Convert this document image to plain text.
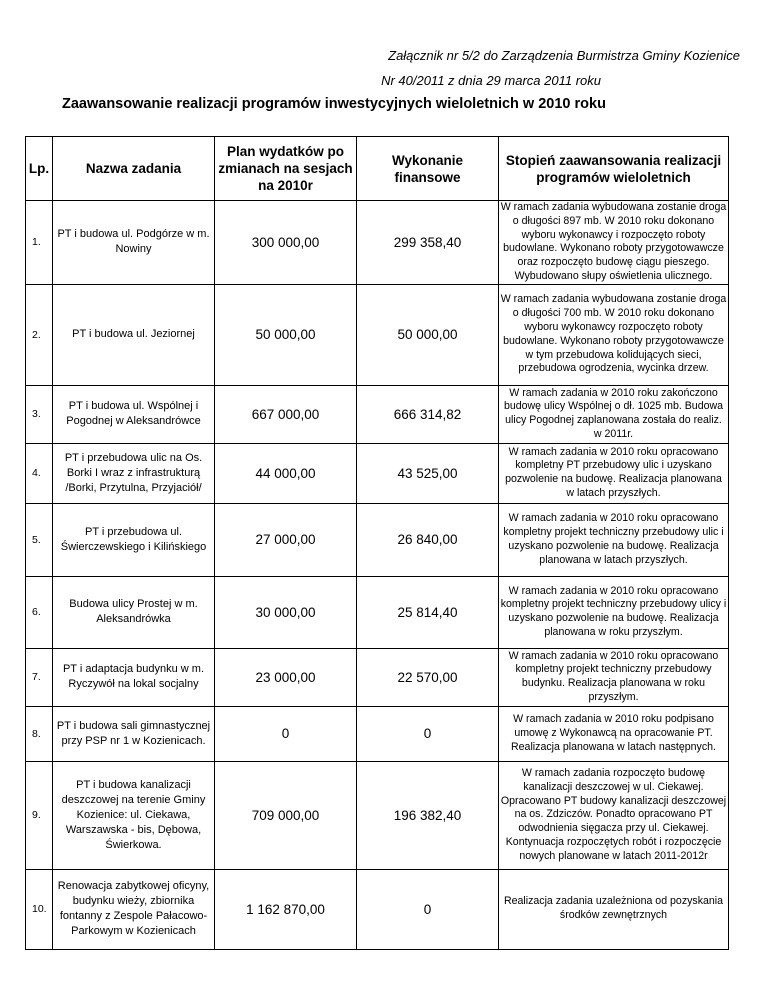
Załącznik nr 5/2 do Zarządzenia Burmistrza Gminy Kozienice
Nr 40/2011 z dnia 29 marca 2011 roku
Zaawansowanie realizacji programów inwestycyjnych wieloletnich w 2010 roku
Lp.	Nazwa zadania	Plan wydatków po zmianach na sesjach na 2010r	Wykonanie finansowe	Stopień zaawansowania realizacji programów wieloletnich
1.	PT i budowa ul. Podgórze w m. Nowiny	300 000,00	299 358,40	W ramach zadania wybudowana zostanie droga o długości 897 mb. W 2010 roku dokonano wyboru wykonawcy i rozpoczęto roboty budowlane. Wykonano roboty przygotowawcze oraz rozpoczęto budowę ciągu pieszego. Wybudowano słupy oświetlenia ulicznego.
2.	PT i budowa ul. Jeziornej	50 000,00	50 000,00	W ramach zadania wybudowana zostanie droga o długości 700 mb. W 2010 roku dokonano wyboru wykonawcy rozpoczęto roboty budowlane. Wykonano roboty przygotowawcze w tym przebudowa kolidujących sieci, przebudowa ogrodzenia, wycinka drzew.
3.	PT i budowa ul. Wspólnej i Pogodnej w Aleksandrówce	667 000,00	666 314,82	W ramach zadania w 2010 roku zakończono budowę ulicy Wspólnej o dł. 1025 mb. Budowa ulicy Pogodnej zaplanowana została do realiz. w 2011r.
4.	PT i przebudowa ulic na Os. Borki I wraz z infrastrukturą /Borki, Przytulna, Przyjaciół/	44 000,00	43 525,00	W ramach zadania w 2010 roku opracowano kompletny PT przebudowy ulic i uzyskano pozwolenie na budowę. Realizacja planowana w latach przyszłych.
5.	PT i przebudowa ul. Świerczewskiego i Kilińskiego	27 000,00	26 840,00	W ramach zadania w 2010 roku opracowano kompletny projekt techniczny przebudowy ulic i uzyskano pozwolenie na budowę. Realizacja planowana w latach przyszłych.
6.	Budowa ulicy Prostej w m. Aleksandrówka	30 000,00	25 814,40	W ramach zadania w 2010 roku opracowano kompletny projekt techniczny przebudowy ulicy i uzyskano pozwolenie na budowę. Realizacja planowana w roku przyszłym.
7.	PT i adaptacja budynku w m. Ryczywół na lokal socjalny	23 000,00	22 570,00	W ramach zadania w 2010 roku opracowano kompletny projekt techniczny przebudowy budynku. Realizacja planowana w roku przyszłym.
8.	PT i budowa sali gimnastycznej przy PSP nr 1 w Kozienicach.	0	0	W ramach zadania w 2010 roku podpisano umowę z Wykonawcą na opracowanie PT. Realizacja planowana w latach następnych.
9.	PT i budowa kanalizacji deszczowej na terenie Gminy Kozienice: ul. Ciekawa, Warszawska - bis, Dębowa, Świerkowa.	709 000,00	196 382,40	W ramach zadania rozpoczęto budowę kanalizacji deszczowej w ul. Ciekawej. Opracowano PT budowy kanalizacji deszczowej na os. Zdziczów. Ponadto opracowano PT odwodnienia sięgacza przy ul. Ciekawej. Kontynuacja rozpoczętych robót i rozpoczęcie nowych planowane w latach 2011-2012r
10.	Renowacja zabytkowej oficyny, budynku wieży, zbiornika fontanny z Zespole Pałacowo- Parkowym w Kozienicach	1 162 870,00	0	Realizacja zadania uzależniona od pozyskania środków zewnętrznych
